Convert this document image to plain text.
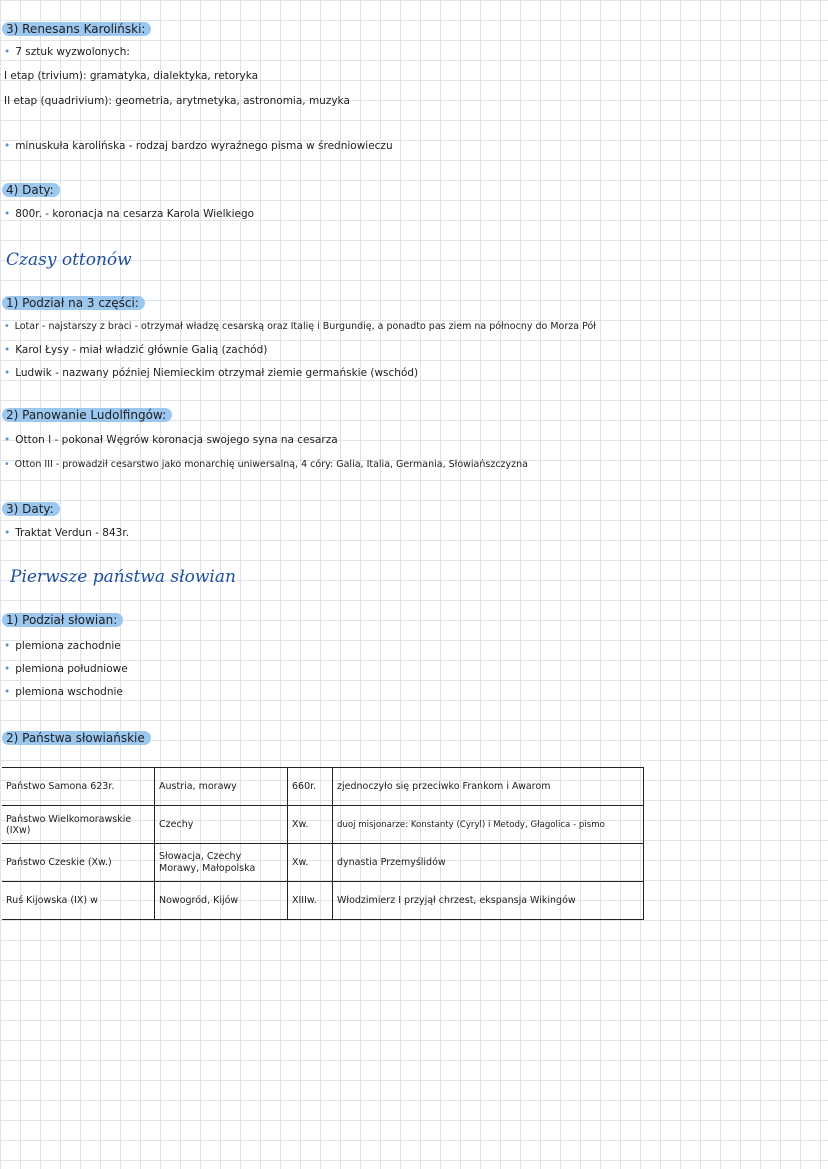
3) Renesans Karoliński:
• 7 sztuk wyzwolonych:
I etap (trivium): gramatyka, dialektyka, retoryka
II etap (quadrivium): geometria, arytmetyka, astronomia, muzyka
• minuskuła karolińska - rodzaj bardzo wyraźnego pisma w średniowieczu
4) Daty:
• 800r. - koronacja na cesarza Karola Wielkiego
Czasy ottonów
1) Podział na 3 części:
• Lotar - najstarszy z braci - otrzymał władzę cesarską oraz Italię i Burgundię, a ponadto pas ziem na północny do Morza Pół
• Karol Łysy - miał władzić głównie Galią (zachód)
• Ludwik - nazwany później Niemieckim otrzymał ziemie germańskie (wschód)
2) Panowanie Ludolfingów:
• Otton I - pokonał Węgrów koronacja swojego syna na cesarza
• Otton III - prowadził cesarstwo jako monarchię uniwersalną, 4 córy: Galia, Italia, Germania, Słowiańszczyzna
3) Daty:
• Traktat Verdun - 843r.
Pierwsze państwa słowian
1) Podział słowian:
• plemiona zachodnie
• plemiona południowe
• plemiona wschodnie
2) Państwa słowiańskie
Państwo Samona 623r.	Austria, morawy	660r.	zjednoczyło się przeciwko Frankom i Awarom
Państwo Wielkomorawskie (IXw)	Czechy	Xw.	duoj misjonarze: Konstanty (Cyryl) i Metody, Głagolica - pismo
Państwo Czeskie (Xw.)	Słowacja, Czechy Morawy, Małopolska	Xw.	dynastia Przemyślidów
Ruś Kijowska (IX) w	Nowogród, Kijów	XIIIw.	Włodzimierz I przyjął chrzest, ekspansja Wikingów
